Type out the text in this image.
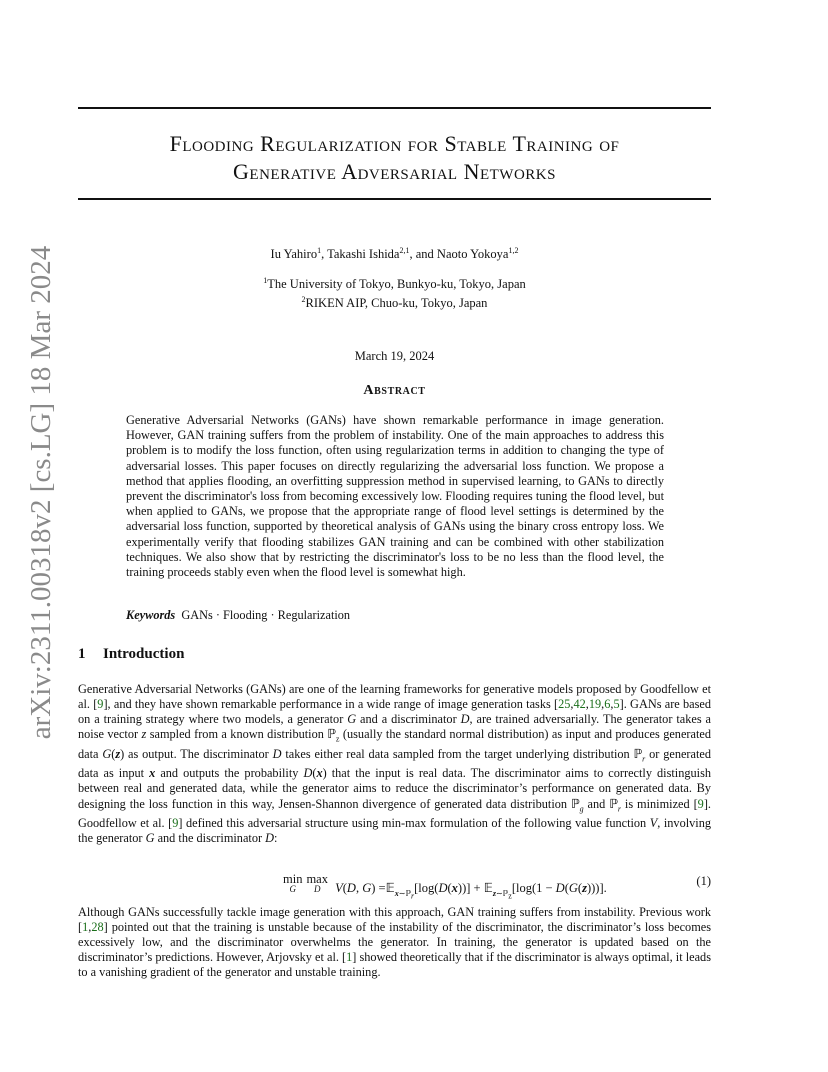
arXiv:2311.00318v2 [cs.LG] 18 Mar 2024
Flooding Regularization for Stable Training of
Generative Adversarial Networks
Iu Yahiro$^1$, Takashi Ishida$^{2,1}$, and Naoto Yokoya$^{1,2}$
$^1$The University of Tokyo, Bunkyo-ku, Tokyo, Japan
$^2$RIKEN AIP, Chuo-ku, Tokyo, Japan
March 19, 2024
Abstract

Generative Adversarial Networks (GANs) have shown remarkable performance in image generation. However, GAN training suffers from the problem of instability. One of the main approaches to address this problem is to modify the loss function, often using regularization terms in addition to changing the type of adversarial losses. This paper focuses on directly regularizing the adversarial loss function. We propose a method that applies flooding, an overfitting suppression method in supervised learning, to GANs to directly prevent the discriminator's loss from becoming excessively low. Flooding requires tuning the flood level, but when applied to GANs, we propose that the appropriate range of flood level settings is determined by the adversarial loss function, supported by theoretical analysis of GANs using the binary cross entropy loss. We experimentally verify that flooding stabilizes GAN training and can be combined with other stabilization techniques. We also show that by restricting the discriminator's loss to be no less than the flood level, the training proceeds stably even when the flood level is somewhat high.

Keywords GANs · Flooding · Regularization
1 Introduction

Generative Adversarial Networks (GANs) are one of the learning frameworks for generative models proposed by Goodfellow et al. [9], and they have shown remarkable performance in a wide range of image generation tasks [25,42,19,6,5]. GANs are based on a training strategy where two models, a generator G and a discriminator D, are trained adversarially. The generator takes a noise vector z sampled from a known distribution ℙ$_z$ (usually the standard normal distribution) as input and produces generated data G(z) as output. The discriminator D takes either real data sampled from the target underlying distribution ℙ$_r$ or generated data as input x and outputs the probability D(x) that the input is real data. The discriminator aims to correctly distinguish between real and generated data, while the generator aims to reduce the discriminator’s performance on generated data. By designing the loss function in this way, Jensen-Shannon divergence of generated data distribution ℙ$_g$ and ℙ$_r$ is minimized [9]. Goodfellow et al. [9] defined this adversarial structure using min-max formulation of the following value function V, involving the generator G and the discriminator D:

min
G
max
D	V(D, G) =𝔼$_{x\sim ℙ_r}$[log(D(x))] + 𝔼$_{z\sim ℙ_z}$[log(1 − D(G(z)))].	(1)

Although GANs successfully tackle image generation with this approach, GAN training suffers from instability. Previous work [1,28] pointed out that the training is unstable because of the instability of the discriminator, the discriminator’s loss becomes excessively low, and the discriminator overwhelms the generator. In training, the generator is updated based on the discriminator’s predictions. However, Arjovsky et al. [1] showed theoretically that if the discriminator is always optimal, it leads to a vanishing gradient of the generator and unstable training.
